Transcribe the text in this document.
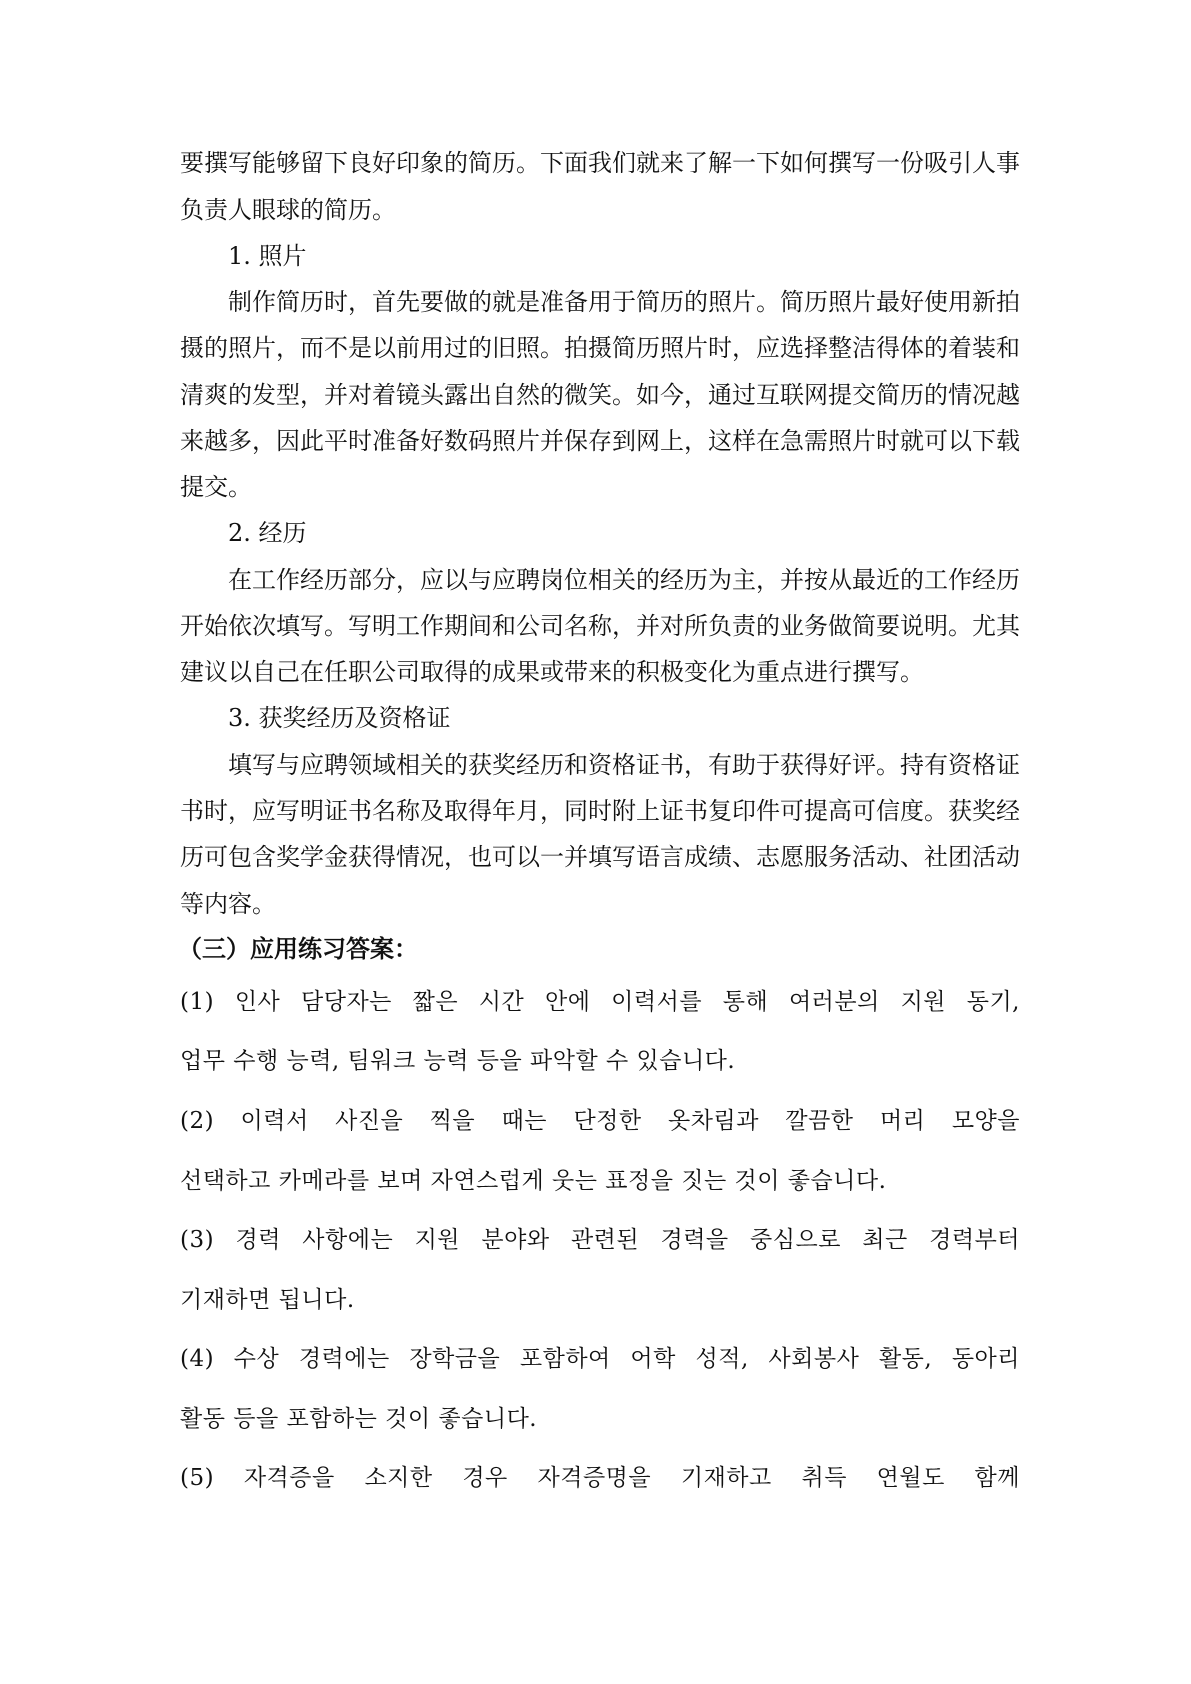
要撰写能够留下良好印象的简历。下面我们就来了解一下如何撰写一份吸引人事
负责人眼球的简历。
1. 照片
制作简历时，首先要做的就是准备用于简历的照片。简历照片最好使用新拍
摄的照片，而不是以前用过的旧照。拍摄简历照片时，应选择整洁得体的着装和
清爽的发型，并对着镜头露出自然的微笑。如今，通过互联网提交简历的情况越
来越多，因此平时准备好数码照片并保存到网上，这样在急需照片时就可以下载
提交。
2. 经历
在工作经历部分，应以与应聘岗位相关的经历为主，并按从最近的工作经历
开始依次填写。写明工作期间和公司名称，并对所负责的业务做简要说明。尤其
建议以自己在任职公司取得的成果或带来的积极变化为重点进行撰写。
3. 获奖经历及资格证
填写与应聘领域相关的获奖经历和资格证书，有助于获得好评。持有资格证
书时，应写明证书名称及取得年月，同时附上证书复印件可提高可信度。获奖经
历可包含奖学金获得情况，也可以一并填写语言成绩、志愿服务活动、社团活动
等内容。
（三）应用练习答案：
(1) 인사 담당자는 짧은 시간 안에 이력서를 통해 여러분의 지원 동기,
업무 수행 능력, 팀워크 능력 등을 파악할 수 있습니다.
(2) 이력서 사진을 찍을 때는 단정한 옷차림과 깔끔한 머리 모양을
선택하고 카메라를 보며 자연스럽게 웃는 표정을 짓는 것이 좋습니다.
(3) 경력 사항에는 지원 분야와 관련된 경력을 중심으로 최근 경력부터
기재하면 됩니다.
(4) 수상 경력에는 장학금을 포함하여 어학 성적, 사회봉사 활동, 동아리
활동 등을 포함하는 것이 좋습니다.
(5) 자격증을 소지한 경우 자격증명을 기재하고 취득 연월도 함께
